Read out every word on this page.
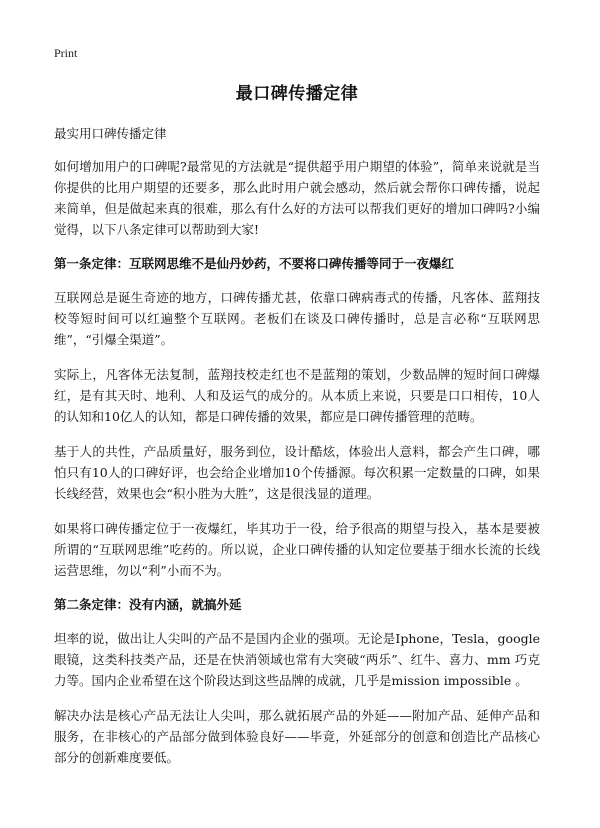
Print
最口碑传播定律
最实用口碑传播定律

如何增加用户的口碑呢?最常见的方法就是“提供超乎用户期望的体验”，简单来说就是当你提供的比用户期望的还要多，那么此时用户就会感动，然后就会帮你口碑传播，说起来简单，但是做起来真的很难，那么有什么好的方法可以帮我们更好的增加口碑吗?小编觉得，以下八条定律可以帮助到大家!

第一条定律：互联网思维不是仙丹妙药，不要将口碑传播等同于一夜爆红

互联网总是诞生奇迹的地方，口碑传播尤甚，依靠口碑病毒式的传播，凡客体、蓝翔技校等短时间可以红遍整个互联网。老板们在谈及口碑传播时，总是言必称“互联网思维”，“引爆全渠道”。

实际上，凡客体无法复制，蓝翔技校走红也不是蓝翔的策划，少数品牌的短时间口碑爆红，是有其天时、地利、人和及运气的成分的。从本质上来说，只要是口口相传，10人的认知和10亿人的认知，都是口碑传播的效果，都应是口碑传播管理的范畴。

基于人的共性，产品质量好，服务到位，设计酷炫，体验出人意料，都会产生口碑，哪怕只有10人的口碑好评，也会给企业增加10个传播源。每次积累一定数量的口碑，如果长线经营，效果也会“积小胜为大胜”，这是很浅显的道理。

如果将口碑传播定位于一夜爆红，毕其功于一役，给予很高的期望与投入，基本是要被所谓的“互联网思维”吃药的。所以说，企业口碑传播的认知定位要基于细水长流的长线运营思维，勿以“利”小而不为。

第二条定律：没有内涵，就搞外延

坦率的说，做出让人尖叫的产品不是国内企业的强项。无论是Iphone，Tesla，google 眼镜，这类科技类产品，还是在快消领域也常有大突破“两乐”、红牛、喜力、mm 巧克力等。国内企业希望在这个阶段达到这些品牌的成就，几乎是mission impossible 。

解决办法是核心产品无法让人尖叫，那么就拓展产品的外延——附加产品、延伸产品和服务，在非核心的产品部分做到体验良好——毕竟，外延部分的创意和创造比产品核心部分的创新难度要低。
